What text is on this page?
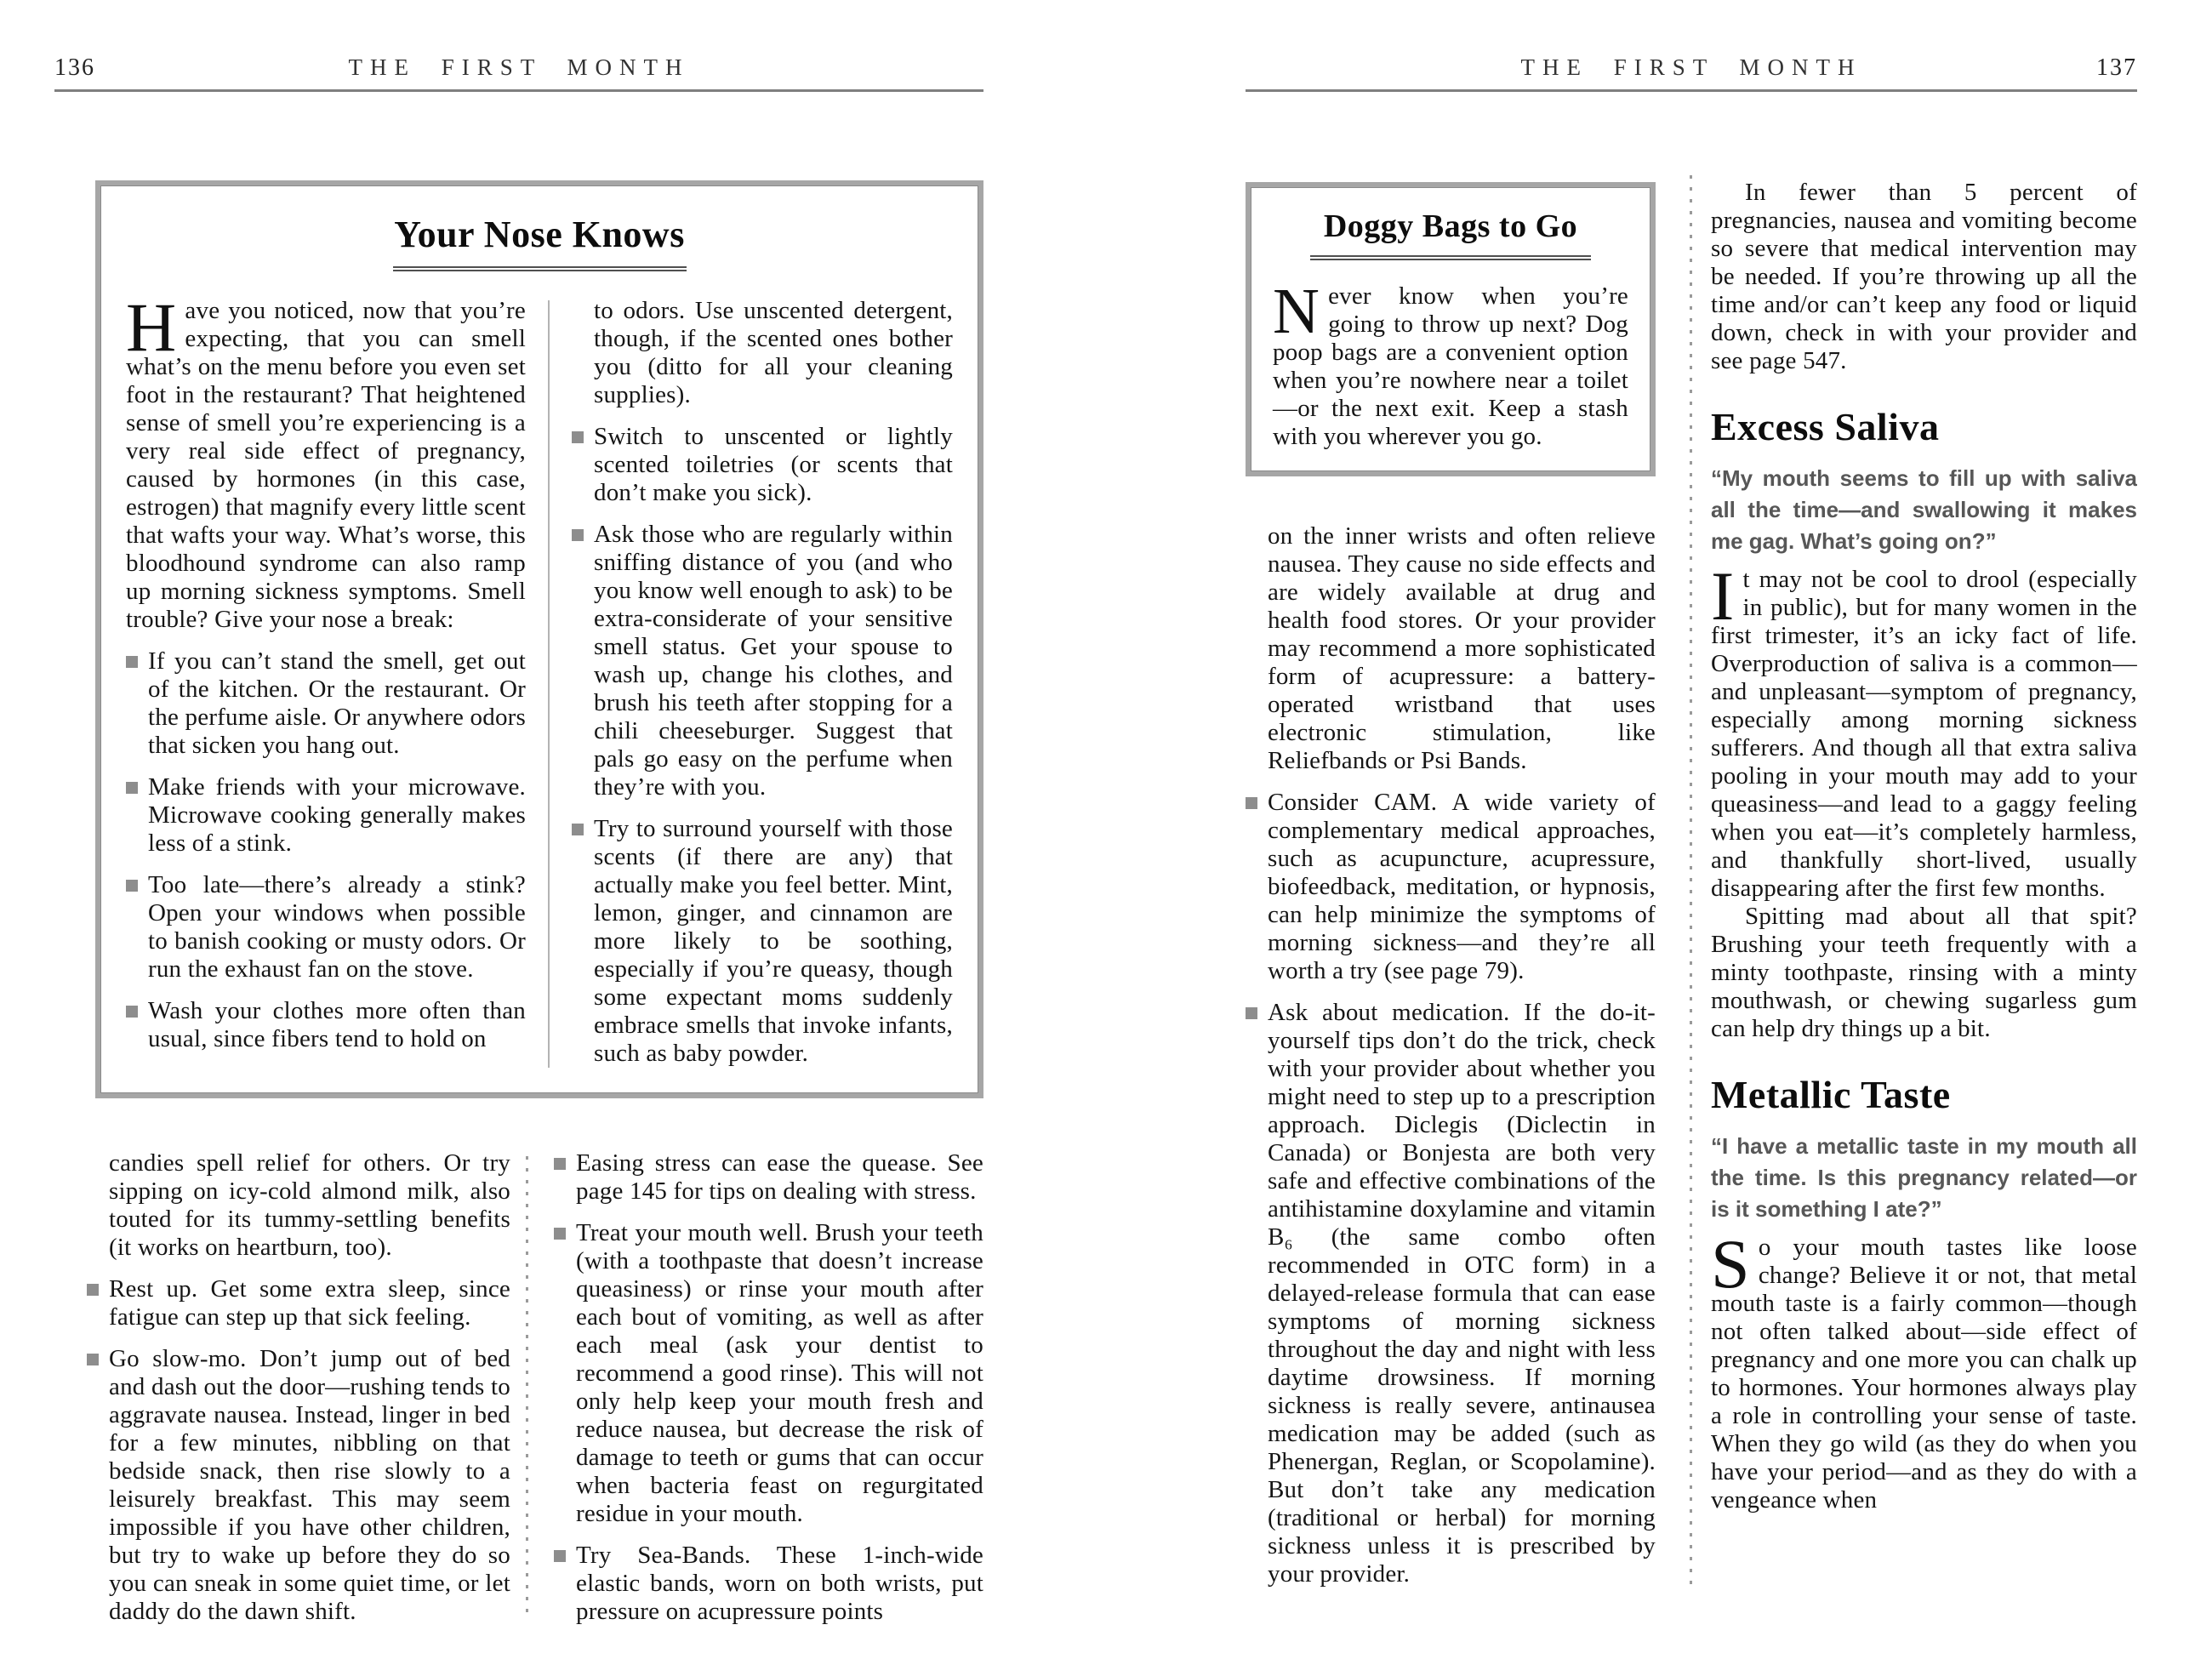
136	THE FIRST MONTH
Your Nose Knows

Have you noticed, now that you’re expecting, that you can smell what’s on the menu before you even set foot in the restaurant? That heightened sense of smell you’re experiencing is a very real side effect of pregnancy, caused by hormones (in this case, estrogen) that magnify every little scent that wafts your way. What’s worse, this bloodhound syndrome can also ramp up morning sickness symptoms. Smell trouble? Give your nose a break:

If you can’t stand the smell, get out of the kitchen. Or the restaurant. Or the perfume aisle. Or anywhere odors that sicken you hang out.

Make friends with your microwave. Microwave cooking generally makes less of a stink.

Too late—there’s already a stink? Open your windows when possible to banish cooking or musty odors. Or run the exhaust fan on the stove.

Wash your clothes more often than usual, since fibers tend to hold on

to odors. Use unscented detergent, though, if the scented ones bother you (ditto for all your cleaning supplies).

Switch to unscented or lightly scented toiletries (or scents that don’t make you sick).

Ask those who are regularly within sniffing distance of you (and who you know well enough to ask) to be extra-considerate of your sensitive smell status. Get your spouse to wash up, change his clothes, and brush his teeth after stopping for a chili cheeseburger. Suggest that pals go easy on the perfume when they’re with you.

Try to surround yourself with those scents (if there are any) that actually make you feel better. Mint, lemon, ginger, and cinnamon are more likely to be soothing, especially if you’re queasy, though some expectant moms suddenly embrace smells that invoke infants, such as baby powder.

candies spell relief for others. Or try sipping on icy-cold almond milk, also touted for its tummy-settling benefits (it works on heartburn, too).

Rest up. Get some extra sleep, since fatigue can step up that sick feeling.

Go slow-mo. Don’t jump out of bed and dash out the door—rushing tends to aggravate nausea. Instead, linger in bed for a few minutes, nibbling on that bedside snack, then rise slowly to a leisurely breakfast. This may seem impossible if you have other children, but try to wake up before they do so you can sneak in some quiet time, or let daddy do the dawn shift.

Easing stress can ease the quease. See page 145 for tips on dealing with stress.

Treat your mouth well. Brush your teeth (with a toothpaste that doesn’t increase queasiness) or rinse your mouth after each bout of vomiting, as well as after each meal (ask your dentist to recommend a good rinse). This will not only help keep your mouth fresh and reduce nausea, but decrease the risk of damage to teeth or gums that can occur when bacteria feast on regurgitated residue in your mouth.

Try Sea-Bands. These 1-inch-wide elastic bands, worn on both wrists, put pressure on acupressure points

THE FIRST MONTH	137
Doggy Bags to Go

Never know when you’re going to throw up next? Dog poop bags are a convenient option when you’re nowhere near a toilet—or the next exit. Keep a stash with you wherever you go.

on the inner wrists and often relieve nausea. They cause no side effects and are widely available at drug and health food stores. Or your provider may recommend a more sophisticated form of acupressure: a battery-operated wristband that uses electronic stimulation, like Reliefbands or Psi Bands.

Consider CAM. A wide variety of complementary medical approaches, such as acupuncture, acupressure, biofeedback, meditation, or hypnosis, can help minimize the symptoms of morning sickness—and they’re all worth a try (see page 79).

Ask about medication. If the do-it-yourself tips don’t do the trick, check with your provider about whether you might need to step up to a prescription approach. Diclegis (Diclectin in Canada) or Bonjesta are both very safe and effective combinations of the antihistamine doxylamine and vitamin B₆ (the same combo often recommended in OTC form) in a delayed-release formula that can ease symptoms of morning sickness throughout the day and night with less daytime drowsiness. If morning sickness is really severe, antinausea medication may be added (such as Phenergan, Reglan, or Scopolamine). But don’t take any medication (traditional or herbal) for morning sickness unless it is prescribed by your provider.

In fewer than 5 percent of pregnancies, nausea and vomiting become so severe that medical intervention may be needed. If you’re throwing up all the time and/or can’t keep any food or liquid down, check in with your provider and see page 547.

Excess Saliva

“My mouth seems to fill up with saliva all the time—and swallowing it makes me gag. What’s going on?”

It may not be cool to drool (especially in public), but for many women in the first trimester, it’s an icky fact of life. Overproduction of saliva is a common—and unpleasant—symptom of pregnancy, especially among morning sickness sufferers. And though all that extra saliva pooling in your mouth may add to your queasiness—and lead to a gaggy feeling when you eat—it’s completely harmless, and thankfully short-lived, usually disappearing after the first few months.

Spitting mad about all that spit? Brushing your teeth frequently with a minty toothpaste, rinsing with a minty mouthwash, or chewing sugarless gum can help dry things up a bit.

Metallic Taste

“I have a metallic taste in my mouth all the time. Is this pregnancy related—or is it something I ate?”

So your mouth tastes like loose change? Believe it or not, that metal mouth taste is a fairly common—though not often talked about—side effect of pregnancy and one more you can chalk up to hormones. Your hormones always play a role in controlling your sense of taste. When they go wild (as they do when you have your period—and as they do with a vengeance when
